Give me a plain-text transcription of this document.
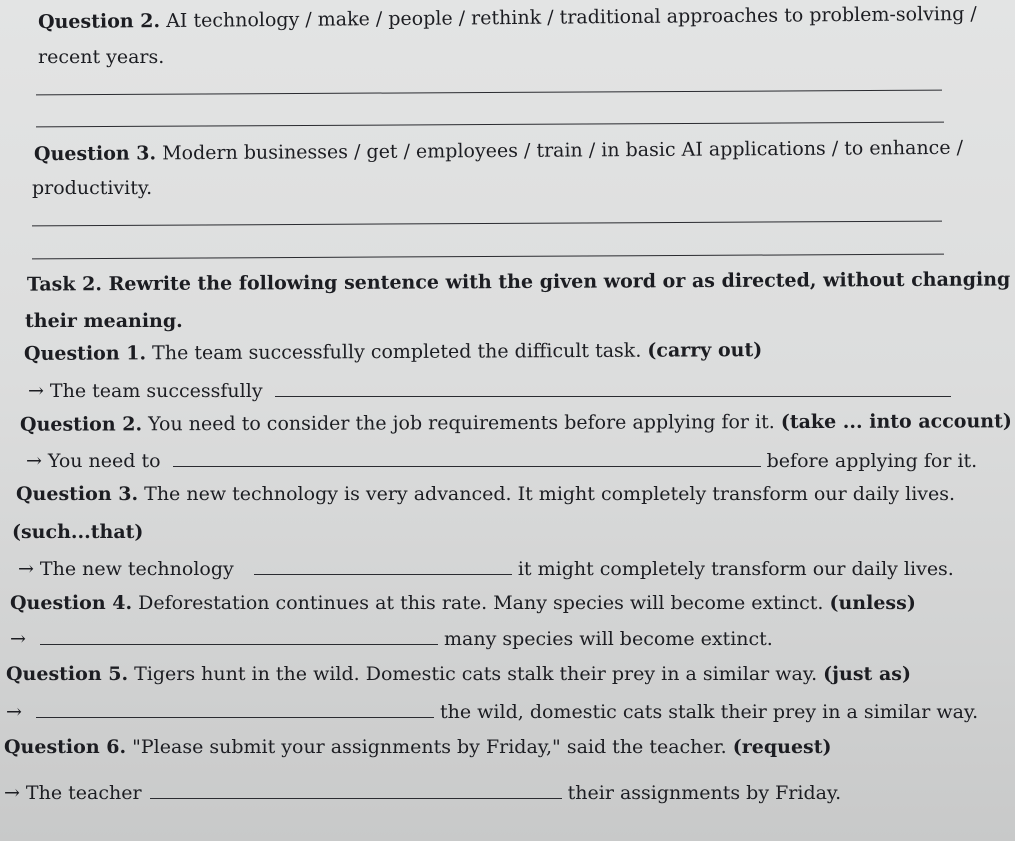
Question 2. AI technology / make / people / rethink / traditional approaches to problem-solving /
recent years.
Question 3. Modern businesses / get / employees / train / in basic AI applications / to enhance /
productivity.
Task 2. Rewrite the following sentence with the given word or as directed, without changing
their meaning.
Question 1. The team successfully completed the difficult task. (carry out)
→ The team successfully
Question 2. You need to consider the job requirements before applying for it. (take ... into account)
→ You need to	before applying for it.
Question 3. The new technology is very advanced. It might completely transform our daily lives.
(such...that)
→ The new technology	it might completely transform our daily lives.
Question 4. Deforestation continues at this rate. Many species will become extinct. (unless)
→	many species will become extinct.
Question 5. Tigers hunt in the wild. Domestic cats stalk their prey in a similar way. (just as)
→	the wild, domestic cats stalk their prey in a similar way.
Question 6. "Please submit your assignments by Friday," said the teacher. (request)
→ The teacher	their assignments by Friday.
